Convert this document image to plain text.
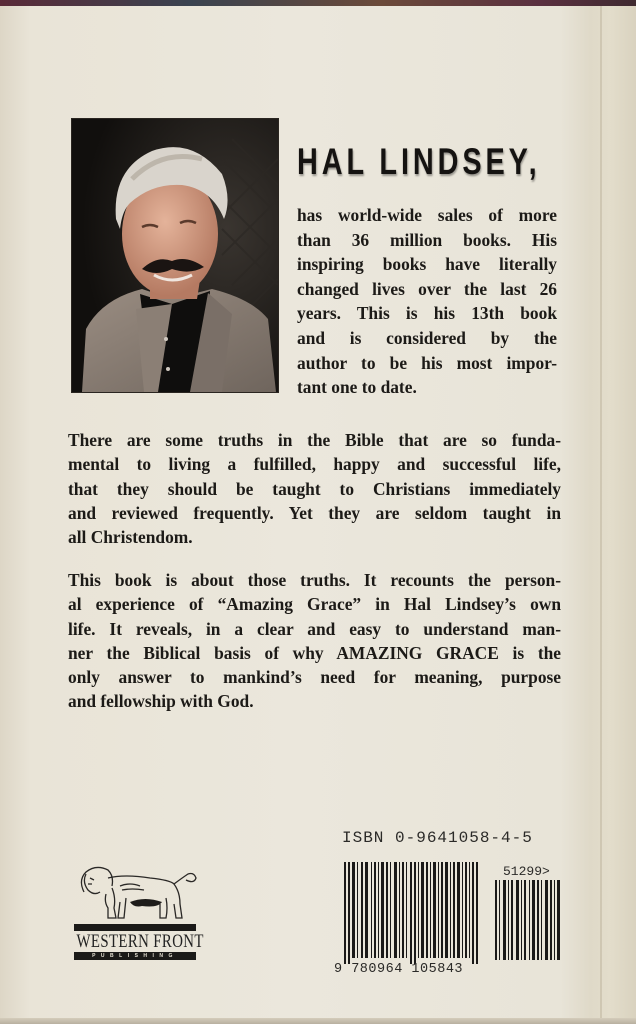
HAL LINDSEY,
has world-wide sales of more
than 36 million books. His
inspiring books have literally
changed lives over the last 26
years. This is his 13th book
and is considered by the
author to be his most impor-
tant one to date.
There are some truths in the Bible that are so funda-
mental to living a fulfilled, happy and successful life,
that they should be taught to Christians immediately
and reviewed frequently. Yet they are seldom taught in
all Christendom.
This book is about those truths. It recounts the person-
al experience of “Amazing Grace” in Hal Lindsey’s own
life. It reveals, in a clear and easy to understand man-
ner the Biblical basis of why AMAZING GRACE is the
only answer to mankind’s need for meaning, purpose
and fellowship with God.
WESTERN FRONT
PUBLISHING
ISBN 0-9641058-4-5
51299>
9 780964 105843
